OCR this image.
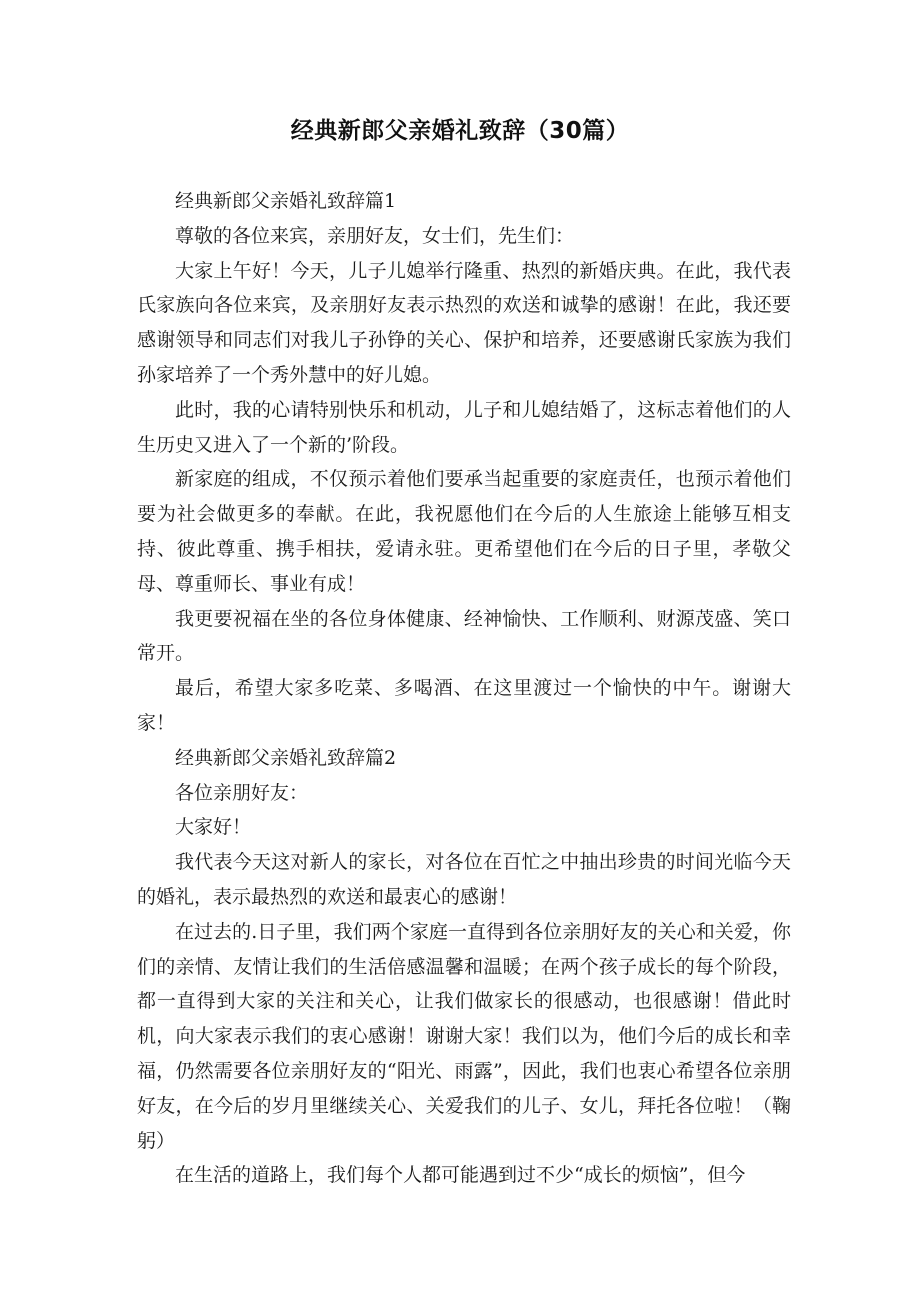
经典新郎父亲婚礼致辞（30篇）

经典新郎父亲婚礼致辞篇1

尊敬的各位来宾，亲朋好友，女士们，先生们：

大家上午好！今天，儿子儿媳举行隆重、热烈的新婚庆典。在此，我代表氏家族向各位来宾，及亲朋好友表示热烈的欢送和诚挚的感谢！在此，我还要感谢领导和同志们对我儿子孙铮的关心、保护和培养，还要感谢氏家族为我们孙家培养了一个秀外慧中的好儿媳。

此时，我的心请特别快乐和机动，儿子和儿媳结婚了，这标志着他们的人生历史又进入了一个新的’阶段。

新家庭的组成，不仅预示着他们要承当起重要的家庭责任，也预示着他们要为社会做更多的奉献。在此，我祝愿他们在今后的人生旅途上能够互相支持、彼此尊重、携手相扶，爱请永驻。更希望他们在今后的日子里，孝敬父母、尊重师长、事业有成！

我更要祝福在坐的各位身体健康、经神愉快、工作顺利、财源茂盛、笑口常开。

最后，希望大家多吃菜、多喝酒、在这里渡过一个愉快的中午。谢谢大家！

经典新郎父亲婚礼致辞篇2

各位亲朋好友：

大家好！

我代表今天这对新人的家长，对各位在百忙之中抽出珍贵的时间光临今天的婚礼，表示最热烈的欢送和最衷心的感谢！

在过去的.日子里，我们两个家庭一直得到各位亲朋好友的关心和关爱，你们的亲情、友情让我们的生活倍感温馨和温暖；在两个孩子成长的每个阶段，都一直得到大家的关注和关心，让我们做家长的很感动，也很感谢！借此时机，向大家表示我们的衷心感谢！谢谢大家！我们以为，他们今后的成长和幸福，仍然需要各位亲朋好友的“阳光、雨露”，因此，我们也衷心希望各位亲朋好友，在今后的岁月里继续关心、关爱我们的儿子、女儿，拜托各位啦！（鞠躬）

在生活的道路上，我们每个人都可能遇到过不少“成长的烦恼”，但今
